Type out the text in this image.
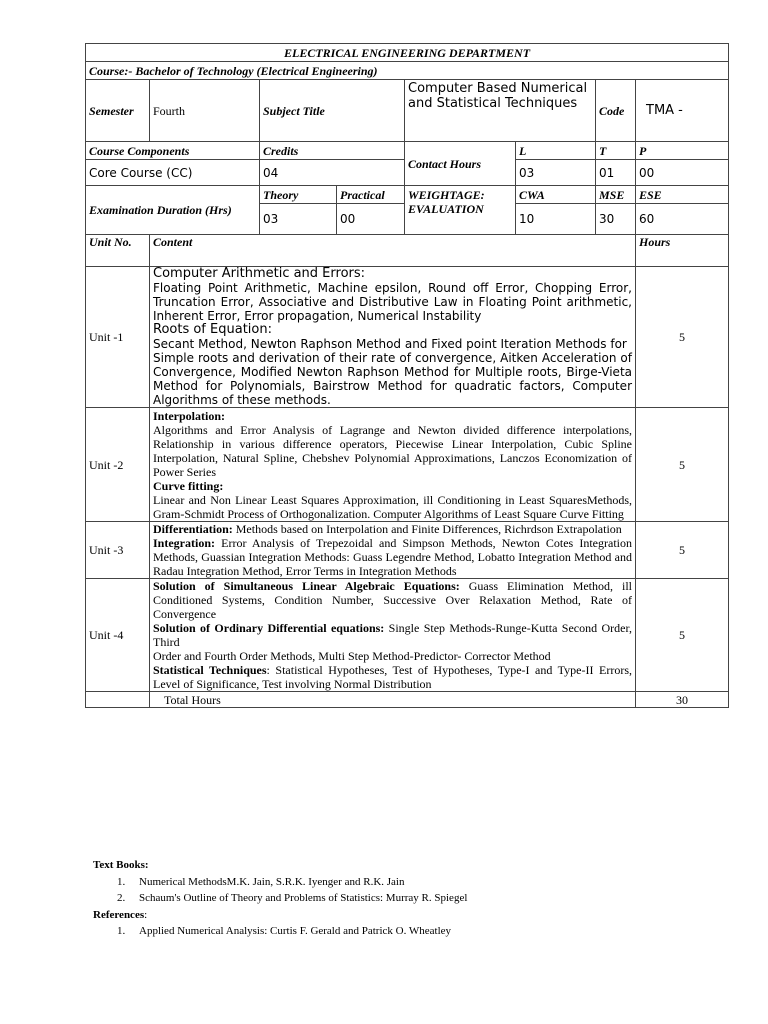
ELECTRICAL ENGINEERING DEPARTMENT							
Course:- Bachelor of Technology (Electrical Engineering)							
Semester	Fourth	Subject Title		Computer Based Numerical and Statistical Techniques		Code	TMA -
Course Components		Credits		Contact Hours	L	T	P
Core Course (CC)		04			03	01	00
Examination Duration (Hrs)		Theory	Practical	WEIGHTAGE: EVALUATION	CWA	MSE	ESE
		03	00		10	30	60
Unit No.	Content						Hours
Unit -1	Computer Arithmetic and Errors:
Floating Point Arithmetic, Machine epsilon, Round off Error, Chopping Error, Truncation Error, Associative and Distributive Law in Floating Point arithmetic, Inherent Error, Error propagation, Numerical Instability
Roots of Equation:
Secant Method, Newton Raphson Method and Fixed point Iteration Methods for
Simple roots and derivation of their rate of convergence, Aitken Acceleration of Convergence, Modified Newton Raphson Method for Multiple roots, Birge-Vieta Method for Polynomials, Bairstrow Method for quadratic factors, Computer Algorithms of these methods.						5
Unit -2	Interpolation:
Algorithms and Error Analysis of Lagrange and Newton divided difference interpolations, Relationship in various difference operators, Piecewise Linear Interpolation, Cubic Spline Interpolation, Natural Spline, Chebshev Polynomial Approximations, Lanczos Economization of Power Series
Curve fitting:
Linear and Non Linear Least Squares Approximation, ill Conditioning in Least SquaresMethods, Gram-Schmidt Process of Orthogonalization. Computer Algorithms of Least Square Curve Fitting						5
Unit -3	Differentiation: Methods based on Interpolation and Finite Differences, Richrdson Extrapolation
Integration: Error Analysis of Trepezoidal and Simpson Methods, Newton Cotes Integration Methods, Guassian Integration Methods: Guass Legendre Method, Lobatto Integration Method and Radau Integration Method, Error Terms in Integration Methods						5
Unit -4	Solution of Simultaneous Linear Algebraic Equations: Guass Elimination Method, ill Conditioned Systems, Condition Number, Successive Over Relaxation Method, Rate of Convergence
Solution of Ordinary Differential equations: Single Step Methods-Runge-Kutta Second Order, Third
Order and Fourth Order Methods, Multi Step Method-Predictor- Corrector Method
Statistical Techniques: Statistical Hypotheses, Test of Hypotheses, Type-I and Type-II Errors, Level of Significance, Test involving Normal Distribution						5
	Total Hours						30
Text Books:
1.	Numerical MethodsM.K. Jain, S.R.K. Iyenger and R.K. Jain
2.	Schaum's Outline of Theory and Problems of Statistics: Murray R. Spiegel
References:
1.	Applied Numerical Analysis: Curtis F. Gerald and Patrick O. Wheatley
